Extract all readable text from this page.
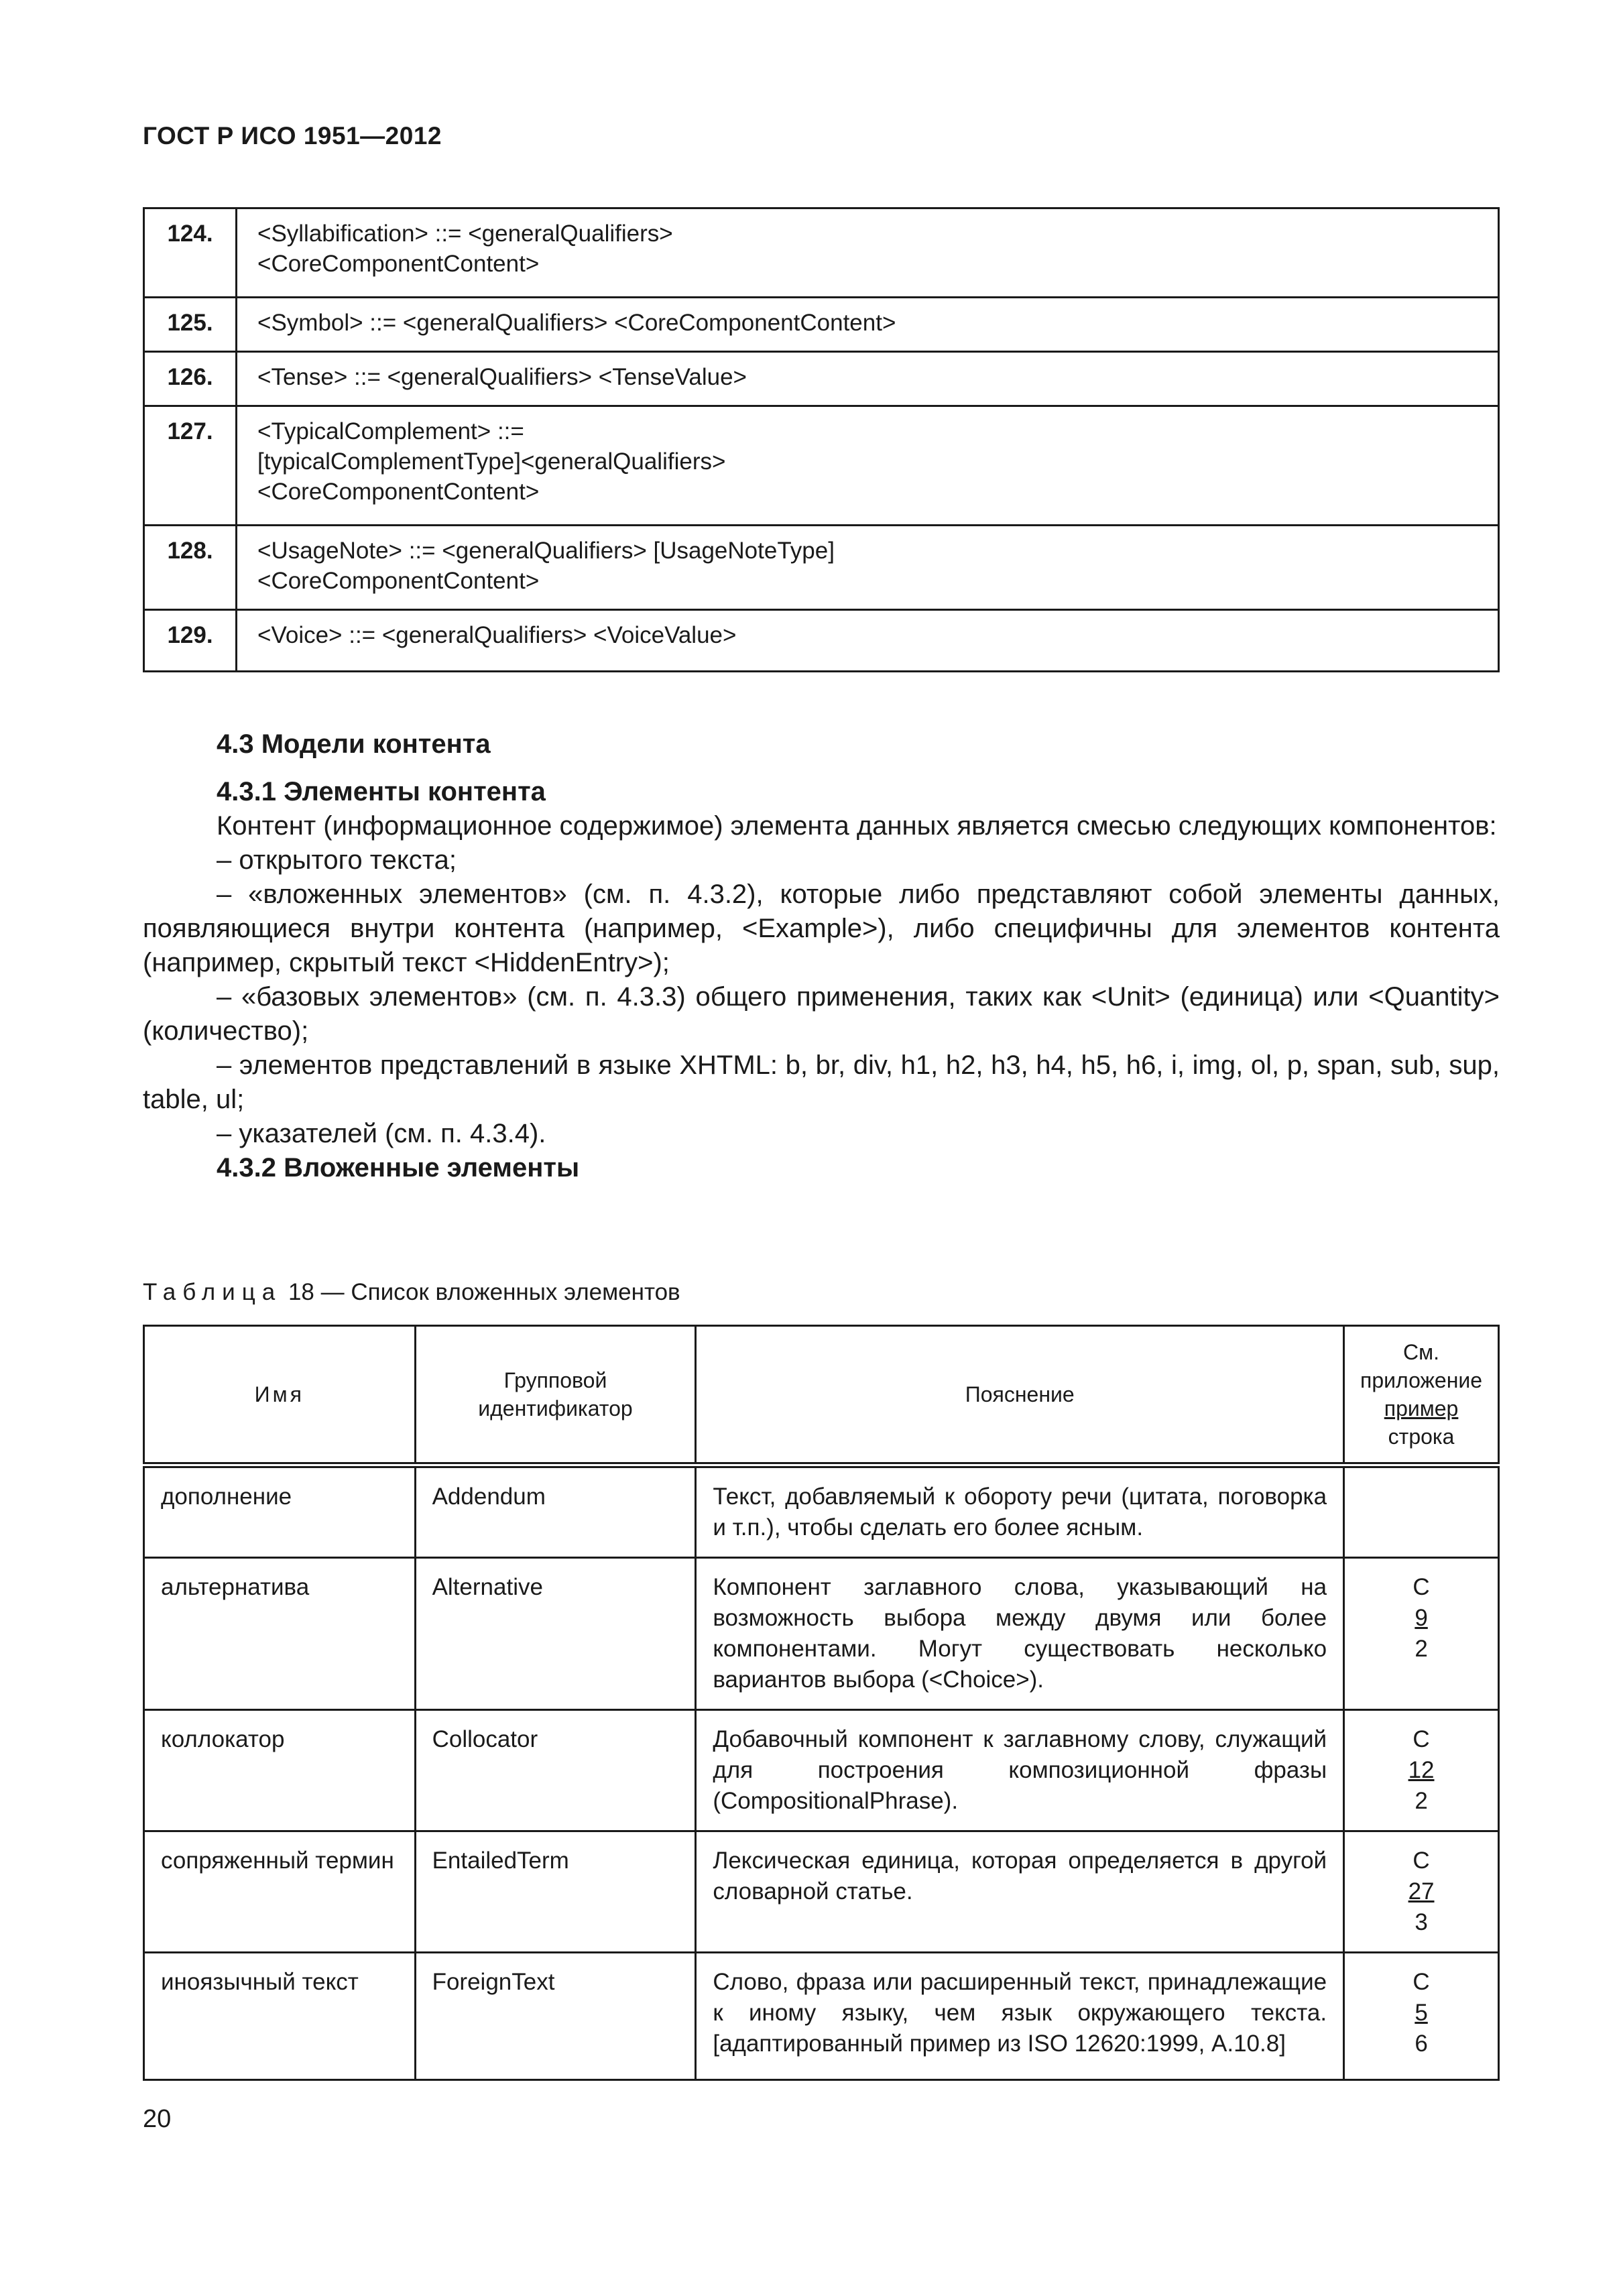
ГОСТ Р ИСО 1951—2012
124.	<Syllabification> ::= <generalQualifiers>
<CoreComponentContent>

125.	<Symbol> ::= <generalQualifiers> <CoreComponentContent>

126.	<Tense> ::= <generalQualifiers> <TenseValue>

127.	<TypicalComplement> ::=
[typicalComplementType]<generalQualifiers>
<CoreComponentContent>

128.	<UsageNote> ::= <generalQualifiers> [UsageNoteType]
<CoreComponentContent>

129.	<Voice> ::= <generalQualifiers> <VoiceValue>
4.3 Модели контента
4.3.1 Элементы контента

Контент (информационное содержимое) элемента данных является смесью следующих компонентов:

– открытого текста;

– «вложенных элементов» (см. п. 4.3.2), которые либо представляют собой элементы данных, появляющиеся внутри контента (например, <Example>), либо специфичны для элементов контента (например, скрытый текст <HiddenEntry>);

– «базовых элементов» (см. п. 4.3.3) общего применения, таких как <Unit> (единица) или <Quantity> (количество);

– элементов представлений в языке XHTML: b, br, div, h1, h2, h3, h4, h5, h6, i, img, ol, p, span, sub, sup, table, ul;

– указателей (см. п. 4.3.4).

4.3.2 Вложенные элементы
Таблица 18 — Список вложенных элементов
Имя	Групповой
идентификатор	Пояснение	См.
приложение
пример
строка

дополнение	Addendum	Текст, добавляемый к обороту речи (цитата, поговорка и т.п.), чтобы сделать его более ясным.	

альтернатива	Alternative	Компонент заглавного слова, указывающий на возможность выбора между двумя или более компонентами. Могут существовать несколько вариантов выбора (<Choice>).	С
9
2

коллокатор	Collocator	Добавочный компонент к заглавному слову, служащий для построения композиционной фразы (CompositionalPhrase).	С
12
2

сопряженный термин	EntailedTerm	Лексическая единица, которая определяется в другой словарной статье.	С
27
3

иноязычный текст	ForeignText	Слово, фраза или расширенный текст, принадлежащие к иному языку, чем язык окружающего текста. [адаптированный пример из ISO 12620:1999, А.10.8]	С
5
6
20
